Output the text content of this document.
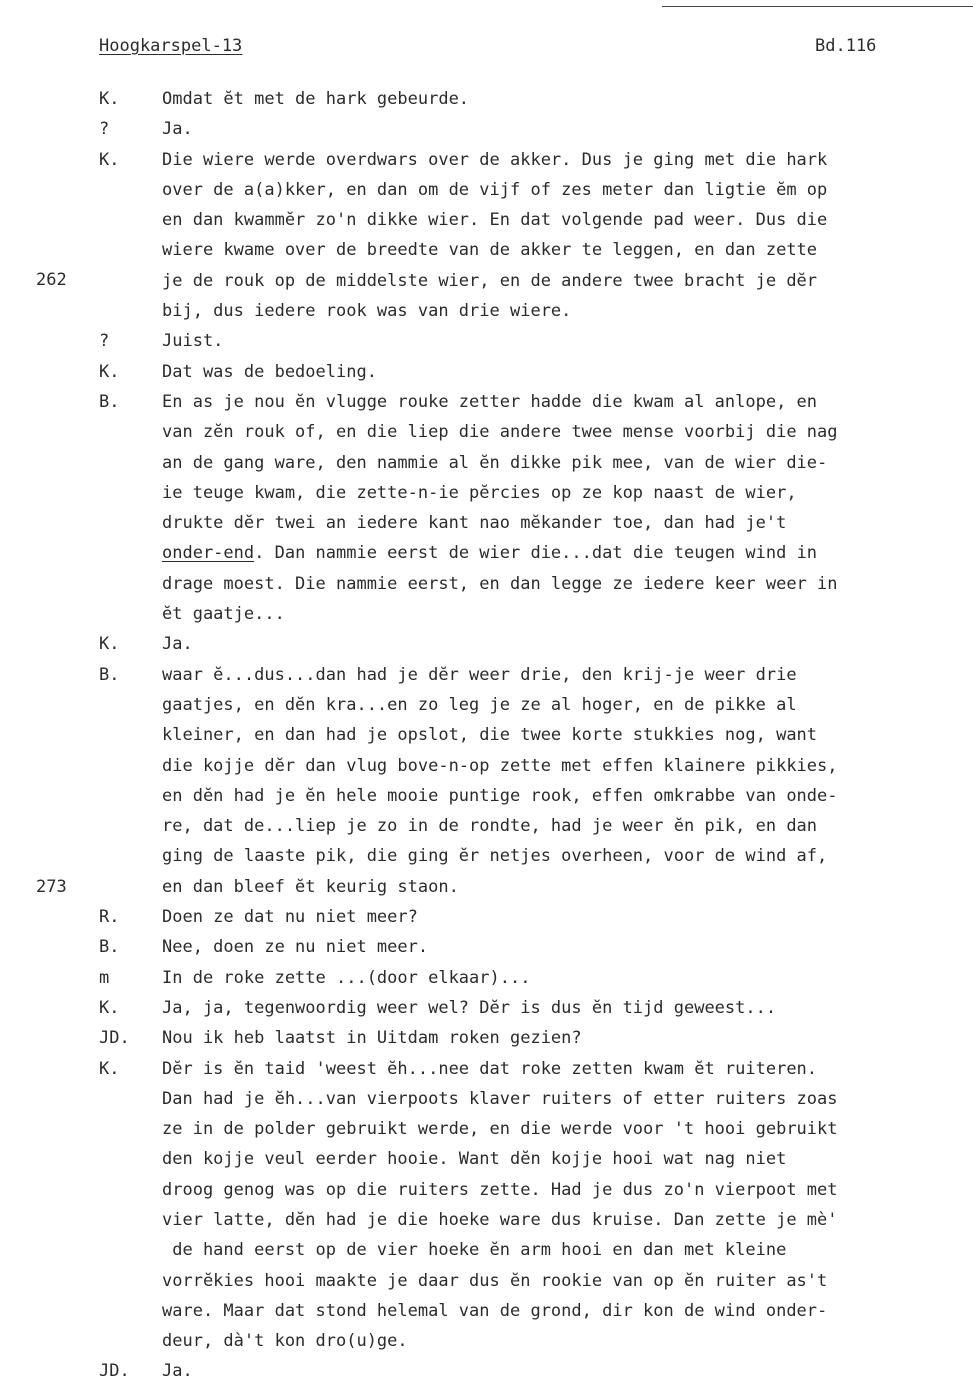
Hoogkarspel-13	Bd.116
262
273
K.	Omdat ĕt met de hark gebeurde.
?	Ja.
K.	Die wiere werde overdwars over de akker. Dus je ging met die hark
over de a(a)kker, en dan om de vijf of zes meter dan ligtie ĕm op
en dan kwammĕr zo'n dikke wier. En dat volgende pad weer. Dus die
wiere kwame over de breedte van de akker te leggen, en dan zette
je de rouk op de middelste wier, en de andere twee bracht je dĕr
bij, dus iedere rook was van drie wiere.
?	Juist.
K.	Dat was de bedoeling.
B.	En as je nou ĕn vlugge rouke zetter hadde die kwam al anlope, en
van zĕn rouk of, en die liep die andere twee mense voorbij die nag
an de gang ware, den nammie al ĕn dikke pik mee, van de wier die-
ie teuge kwam, die zette-n-ie pĕrcies op ze kop naast de wier,
drukte dĕr twei an iedere kant nao mĕkander toe, dan had je't
onder-end. Dan nammie eerst de wier die...dat die teugen wind in
drage moest. Die nammie eerst, en dan legge ze iedere keer weer in
ĕt gaatje...
K.	Ja.
B.	waar ĕ...dus...dan had je dĕr weer drie, den krij-je weer drie
gaatjes, en dĕn kra...en zo leg je ze al hoger, en de pikke al
kleiner, en dan had je opslot, die twee korte stukkies nog, want
die kojje dĕr dan vlug bove-n-op zette met effen klainere pikkies,
en dĕn had je ĕn hele mooie puntige rook, effen omkrabbe van onde-
re, dat de...liep je zo in de rondte, had je weer ĕn pik, en dan
ging de laaste pik, die ging ĕr netjes overheen, voor de wind af,
en dan bleef ĕt keurig staon.
R.	Doen ze dat nu niet meer?
B.	Nee, doen ze nu niet meer.
m	In de roke zette ...(door elkaar)...
K.	Ja, ja, tegenwoordig weer wel? Dĕr is dus ĕn tijd geweest...
JD. Nou ik heb laatst in Uitdam roken gezien?
K.	Dĕr is ĕn taid 'weest ĕh...nee dat roke zetten kwam ĕt ruiteren.
Dan had je ĕh...van vierpoots klaver ruiters of etter ruiters zoas
ze in de polder gebruikt werde, en die werde voor 't hooi gebruikt
den kojje veul eerder hooie. Want dĕn kojje hooi wat nag niet
droog genog was op die ruiters zette. Had je dus zo'n vierpoot met
vier latte, dĕn had je die hoeke ware dus kruise. Dan zette je mè'
de hand eerst op de vier hoeke ĕn arm hooi en dan met kleine
vorrĕkies hooi maakte je daar dus ĕn rookie van op ĕn ruiter as't
ware. Maar dat stond helemal van de grond, dir kon de wind onder-
deur, dà't kon dro(u)ge.
JD. Ja.
